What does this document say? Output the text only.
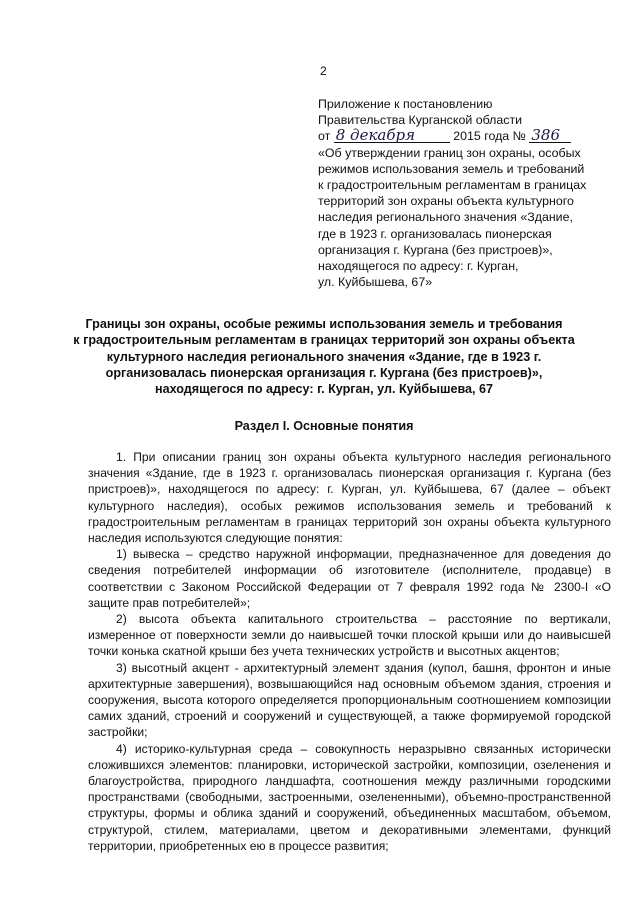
2
Приложение к постановлению
Правительства Курганской области
от 8 декабря	2015 года № 386
«Об утверждении границ зон охраны, особых
режимов использования земель и требований
к градостроительным регламентам в границах
территорий зон охраны объекта культурного
наследия регионального значения «Здание,
где в 1923 г. организовалась пионерская
организация г. Кургана (без пристроев)»,
находящегося по адресу: г. Курган,
ул. Куйбышева, 67»
Границы зон охраны, особые режимы использования земель и требования
к градостроительным регламентам в границах территорий зон охраны объекта
культурного наследия регионального значения «Здание, где в 1923 г.
организовалась пионерская организация г. Кургана (без пристроев)»,
находящегося по адресу: г. Курган, ул. Куйбышева, 67
Раздел I. Основные понятия

1. При описании границ зон охраны объекта культурного наследия регионального значения «Здание, где в 1923 г. организовалась пионерская организация г. Кургана (без пристроев)», находящегося по адресу: г. Курган, ул. Куйбышева, 67 (далее – объект культурного наследия), особых режимов использования земель и требований к градостроительным регламентам в границах территорий зон охраны объекта культурного наследия используются следующие понятия:

1) вывеска – средство наружной информации, предназначенное для доведения до сведения потребителей информации об изготовителе (исполнителе, продавце) в соответствии с Законом Российской Федерации от 7 февраля 1992 года № 2300-I «О защите прав потребителей»;

2) высота объекта капитального строительства – расстояние по вертикали, измеренное от поверхности земли до наивысшей точки плоской крыши или до наивысшей точки конька скатной крыши без учета технических устройств и высотных акцентов;

3) высотный акцент - архитектурный элемент здания (купол, башня, фронтон и иные архитектурные завершения), возвышающийся над основным объемом здания, строения и сооружения, высота которого определяется пропорциональным соотношением композиции самих зданий, строений и сооружений и существующей, а также формируемой городской застройки;

4) историко-культурная среда – совокупность неразрывно связанных исторически сложившихся элементов: планировки, исторической застройки, композиции, озеленения и благоустройства, природного ландшафта, соотношения между различными городскими пространствами (свободными, застроенными, озелененными), объемно-пространственной структуры, формы и облика зданий и сооружений, объединенных масштабом, объемом, структурой, стилем, материалами, цветом и декоративными элементами, функций территории, приобретенных ею в процессе развития;
